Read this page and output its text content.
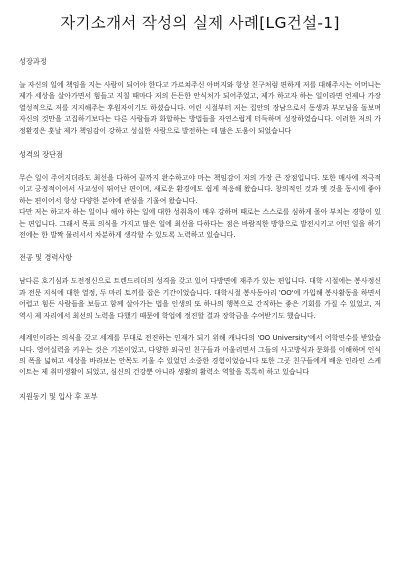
자기소개서 작성의 실제 사례[LG건설-1]

성장과정

늘 자신의 일에 책임을 지는 사람이 되어야 한다고 가르쳐주신 아버지와 항상 친구처럼 편하게 저를 대해주시는 어머니는 제가 세상을 살아가면서 힘들고 지칠 때마다 저의 든든한 안식처가 되어주었고, 제가 하고자 하는 일이라면 언제나 가장 열성적으로 저를 지지해주는 후원자이기도 하셨습니다. 어린 시절부터 저는 집안의 장남으로서 동생과 부모님을 돌보며 자신의 것만을 고집하기보다는 다른 사람들과 화합하는 방법들을 자연스럽게 터득하며 성장하였습니다. 이러한 저의 가정환경은 훗날 제가 책임감이 강하고 성실한 사람으로 발전하는 데 많은 도움이 되었습니다

성격의 장단점

무슨 일이 주어지더라도 최선을 다하여 끝까지 완수하고야 마는 책임감이 저의 가장 큰 장점입니다. 또한 매사에 적극적이고 긍정적이어서 사교성이 뛰어난 편이며, 새로운 환경에도 쉽게 적응해 왔습니다. 창의적인 것과 옛 것을 동시에 좋아하는 편이어서 항상 다양한 분야에 관심을 기울여 왔습니다.

다만 저는 하고자 하는 일이나 해야 하는 일에 대한 성취욕이 매우 강하며 때로는 스스로를 심하게 몰아 부치는 경향이 있는 편입니다. 그래서 목표 의식을 가지고 많은 일에 최선을 다하다는 점은 바람직한 방향으로 발전시키고 어떤 일을 하기 전에는 한 발짝 물러서서 차분하게 생각할 수 있도록 노력하고 있습니다.

전공 및 경력사항

남다른 호기심과 도전정신으로 트렌드리더의 성격을 갖고 있어 다방면에 재주가 있는 편입니다. 대학 시절에는 봉사정신과 전문 지식에 대한 열정, 두 마리 토끼를 잡은 기간이었습니다. 대학시절 봉사동아리 'OO'에 가입해 봉사활동을 하면서 어렵고 힘든 사람들을 보듬고 함께 살아가는 법을 인생의 또 하나의 행복으로 간직하는 좋은 기회를 가질 수 있었고, 저 역시 제 자리에서 최선의 노력을 다했기 때문에 학업에 정진할 결과 장학금을 수여받기도 했습니다.

세계인이라는 의식을 갖고 세계를 무대로 전진하는 인재가 되기 위해 캐나다의 'OO University'에서 어학연수를 받았습니다. 영어실력을 키우는 것은 기본이었고, 다양한 외국인 친구들과 어울리면서 그들의 사고방식과 문화를 이해하며 인식의 폭을 넓혀고 세상을 바라보는 안목도 키울 수 있었던 소중한 경험이었습니다 또한 그곳 친구들에게 배운 인라인 스케이트는 제 취미생활이 되었고, 심신의 건강뿐 아니라 생활의 활력소 역할을 톡톡히 하고 있습니다

지원동기 및 입사 후 포부
